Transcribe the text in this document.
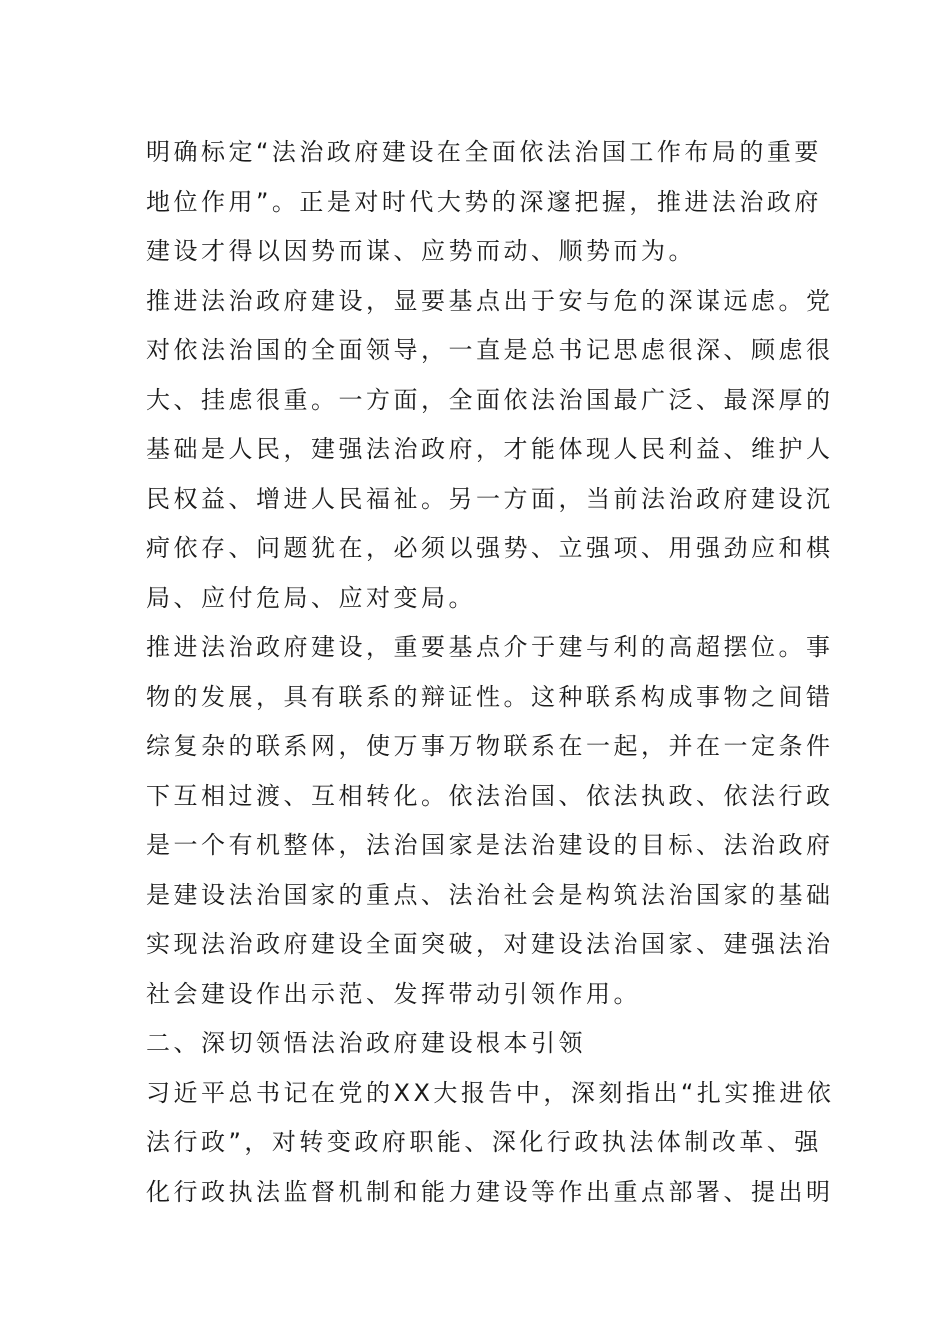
明确标定“法治政府建设在全面依法治国工作布局的重要
地位作用”。正是对时代大势的深邃把握，推进法治政府
建设才得以因势而谋、应势而动、顺势而为。
推进法治政府建设，显要基点出于安与危的深谋远虑。党
对依法治国的全面领导，一直是总书记思虑很深、顾虑很
大、挂虑很重。一方面，全面依法治国最广泛、最深厚的
基础是人民，建强法治政府，才能体现人民利益、维护人
民权益、增进人民福祉。另一方面，当前法治政府建设沉
疴依存、问题犹在，必须以强势、立强项、用强劲应和棋
局、应付危局、应对变局。
推进法治政府建设，重要基点介于建与利的高超摆位。事
物的发展，具有联系的辩证性。这种联系构成事物之间错
综复杂的联系网，使万事万物联系在一起，并在一定条件
下互相过渡、互相转化。依法治国、依法执政、依法行政
是一个有机整体，法治国家是法治建设的目标、法治政府
是建设法治国家的重点、法治社会是构筑法治国家的基础
实现法治政府建设全面突破，对建设法治国家、建强法治
社会建设作出示范、发挥带动引领作用。
二、深切领悟法治政府建设根本引领
习近平总书记在党的XX大报告中，深刻指出“扎实推进依
法行政”，对转变政府职能、深化行政执法体制改革、强
化行政执法监督机制和能力建设等作出重点部署、提出明
